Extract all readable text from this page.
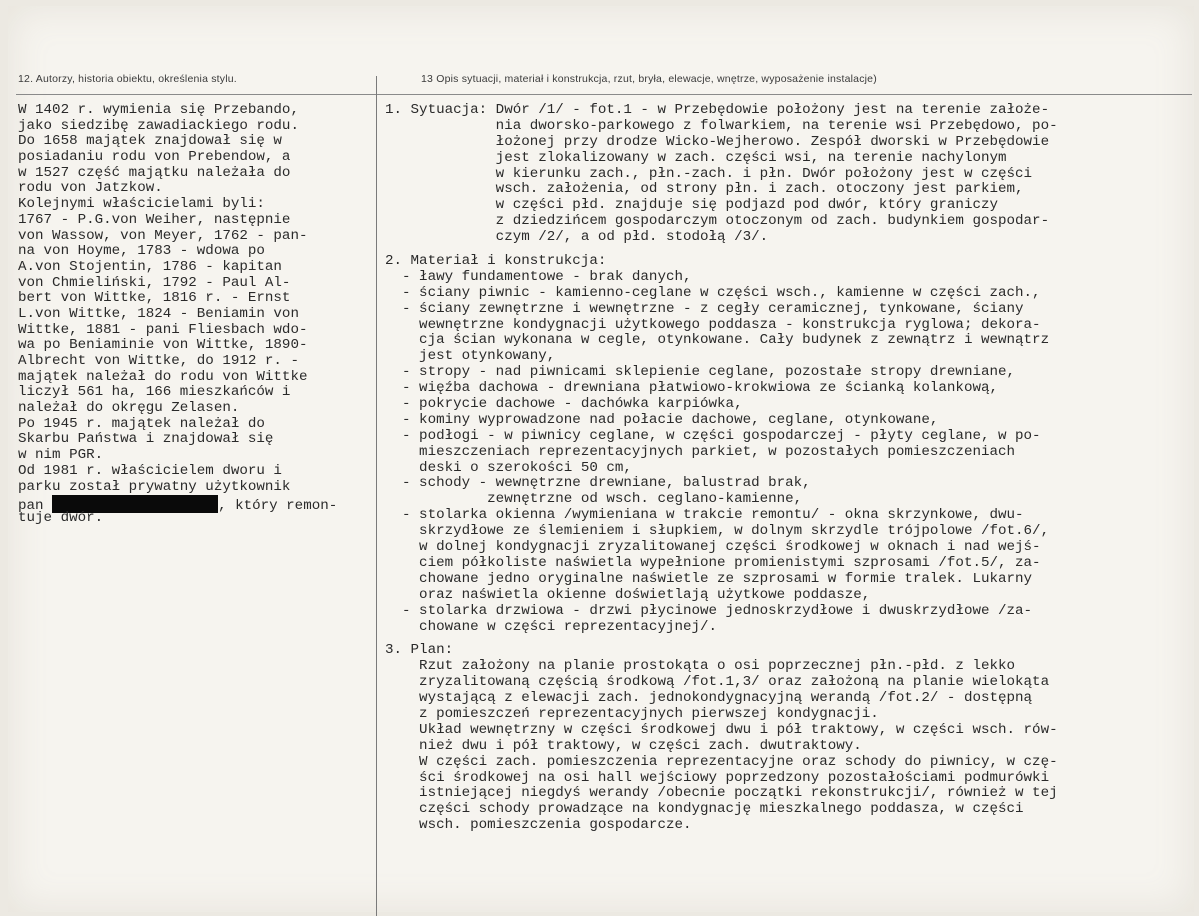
12. Autorzy, historia obiektu, określenia stylu.	13 Opis sytuacji, materiał i konstrukcja, rzut, bryła, elewacje, wnętrze, wyposażenie instalacje)
W 1402 r. wymienia się Przebando,
jako siedzibę zawadiackiego rodu.
Do 1658 majątek znajdował się w
posiadaniu rodu von Prebendow, a
w 1527 część majątku należała do
rodu von Jatzkow.
Kolejnymi właścicielami byli:
1767 - P.G.von Weiher, następnie
von Wassow, von Meyer, 1762 - pan-
na von Hoyme, 1783 - wdowa po
A.von Stojentin, 1786 - kapitan
von Chmieliński, 1792 - Paul Al-
bert von Wittke, 1816 r. - Ernst
L.von Wittke, 1824 - Beniamin von
Wittke, 1881 - pani Fliesbach wdo-
wa po Beniaminie von Wittke, 1890-
Albrecht von Wittke, do 1912 r. -
majątek należał do rodu von Wittke
liczył 561 ha, 166 mieszkańców i
należał do okręgu Zelasen.
Po 1945 r. majątek należał do
Skarbu Państwa i znajdował się
w nim PGR.
Od 1981 r. właścicielem dworu i
parku został prywatny użytkownik
pan	, który remon-
tuje dwór.
1. Sytuacja: Dwór /1/ - fot.1 - w Przebędowie położony jest na terenie założe-
nia dworsko-parkowego z folwarkiem, na terenie wsi Przebędowo, po-
łożonej przy drodze Wicko-Wejherowo. Zespół dworski w Przebędowie
jest zlokalizowany w zach. części wsi, na terenie nachylonym
w kierunku zach., płn.-zach. i płn. Dwór położony jest w części
wsch. założenia, od strony płn. i zach. otoczony jest parkiem,
w części płd. znajduje się podjazd pod dwór, który graniczy
z dziedzińcem gospodarczym otoczonym od zach. budynkiem gospodar-
czym /2/, a od płd. stodołą /3/.
2. Materiał i konstrukcja:
- ławy fundamentowe - brak danych,
- ściany piwnic - kamienno-ceglane w części wsch., kamienne w części zach.,
- ściany zewnętrzne i wewnętrzne - z cegły ceramicznej, tynkowane, ściany
wewnętrzne kondygnacji użytkowego poddasza - konstrukcja ryglowa; dekora-
cja ścian wykonana w cegle, otynkowane. Cały budynek z zewnątrz i wewnątrz
jest otynkowany,
- stropy - nad piwnicami sklepienie ceglane, pozostałe stropy drewniane,
- więźba dachowa - drewniana płatwiowo-krokwiowa ze ścianką kolankową,
- pokrycie dachowe - dachówka karpiówka,
- kominy wyprowadzone nad połacie dachowe, ceglane, otynkowane,
- podłogi - w piwnicy ceglane, w części gospodarczej - płyty ceglane, w po-
mieszczeniach reprezentacyjnych parkiet, w pozostałych pomieszczeniach
deski o szerokości 50 cm,
- schody - wewnętrzne drewniane, balustrad brak,
zewnętrzne od wsch. ceglano-kamienne,
- stolarka okienna /wymieniana w trakcie remontu/ - okna skrzynkowe, dwu-
skrzydłowe ze ślemieniem i słupkiem, w dolnym skrzydle trójpolowe /fot.6/,
w dolnej kondygnacji zryzalitowanej części środkowej w oknach i nad wejś-
ciem półkoliste naświetla wypełnione promienistymi szprosami /fot.5/, za-
chowane jedno oryginalne naświetle ze szprosami w formie tralek. Lukarny
oraz naświetla okienne doświetlają użytkowe poddasze,
- stolarka drzwiowa - drzwi płycinowe jednoskrzydłowe i dwuskrzydłowe /za-
chowane w części reprezentacyjnej/.
3. Plan:
Rzut założony na planie prostokąta o osi poprzecznej płn.-płd. z lekko
zryzalitowaną częścią środkową /fot.1,3/ oraz założoną na planie wielokąta
wystającą z elewacji zach. jednokondygnacyjną werandą /fot.2/ - dostępną
z pomieszczeń reprezentacyjnych pierwszej kondygnacji.
Układ wewnętrzny w części środkowej dwu i pół traktowy, w części wsch. rów-
nież dwu i pół traktowy, w części zach. dwutraktowy.
W części zach. pomieszczenia reprezentacyjne oraz schody do piwnicy, w czę-
ści środkowej na osi hall wejściowy poprzedzony pozostałościami podmurówki
istniejącej niegdyś werandy /obecnie początki rekonstrukcji/, również w tej
części schody prowadzące na kondygnację mieszkalnego poddasza, w części
wsch. pomieszczenia gospodarcze.
